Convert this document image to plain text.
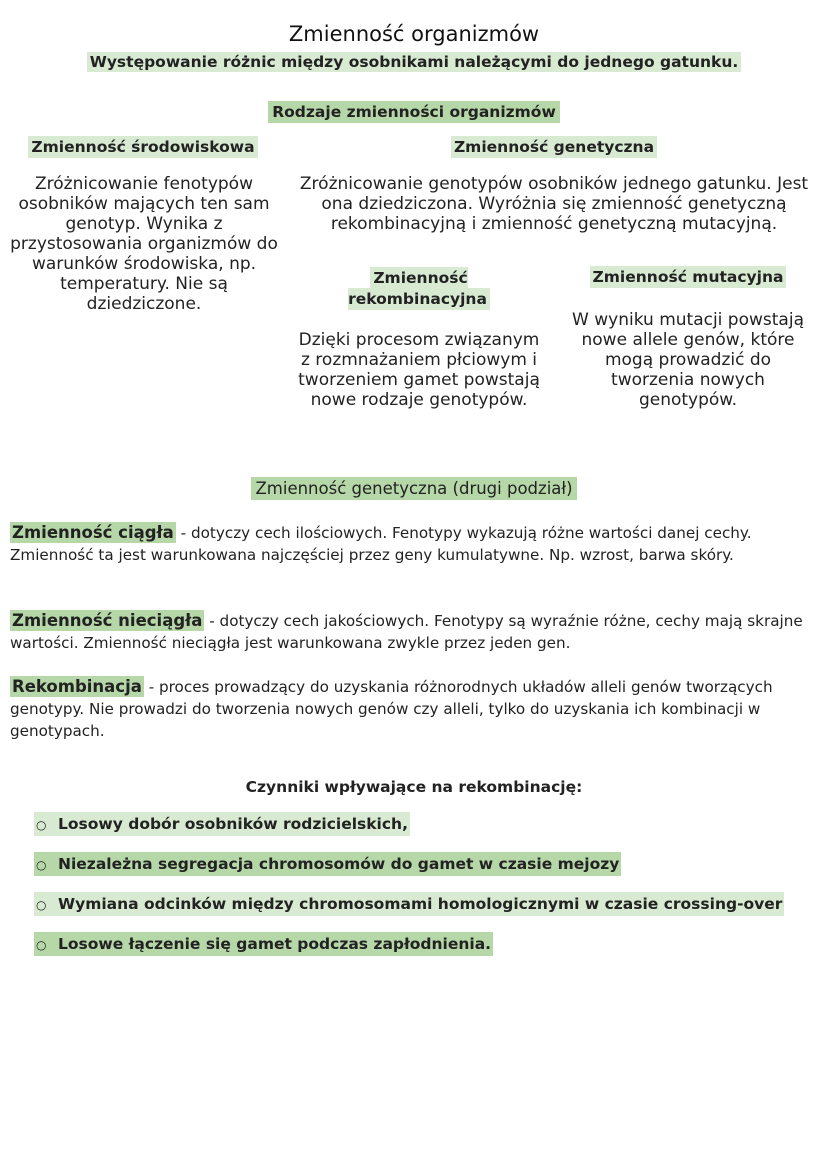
Zmienność organizmów
Występowanie różnic między osobnikami należącymi do jednego gatunku.
Rodzaje zmienności organizmów
Zmienność środowiskowa
Zróżnicowanie fenotypów osobników mających ten sam genotyp. Wynika z przystosowania organizmów do warunków środowiska, np. temperatury. Nie są dziedziczone.
Zmienność genetyczna
Zróżnicowanie genotypów osobników jednego gatunku. Jest ona dziedziczona. Wyróżnia się zmienność genetyczną rekombinacyjną i zmienność genetyczną mutacyjną.
Zmienność rekombinacyjna
Dzięki procesom związanym z rozmnażaniem płciowym i tworzeniem gamet powstają nowe rodzaje genotypów.
Zmienność mutacyjna
W wyniku mutacji powstają nowe allele genów, które mogą prowadzić do tworzenia nowych genotypów.
Zmienność genetyczna (drugi podział)
Zmienność ciągła - dotyczy cech ilościowych. Fenotypy wykazują różne wartości danej cechy. Zmienność ta jest warunkowana najczęściej przez geny kumulatywne. Np. wzrost, barwa skóry.
Zmienność nieciągła - dotyczy cech jakościowych. Fenotypy są wyraźnie różne, cechy mają skrajne wartości. Zmienność nieciągła jest warunkowana zwykle przez jeden gen.
Rekombinacja - proces prowadzący do uzyskania różnorodnych układów alleli genów tworzących genotypy. Nie prowadzi do tworzenia nowych genów czy alleli, tylko do uzyskania ich kombinacji w genotypach.
Czynniki wpływające na rekombinację:
○ Losowy dobór osobników rodzicielskich,
○ Niezależna segregacja chromosomów do gamet w czasie mejozy
○ Wymiana odcinków między chromosomami homologicznymi w czasie crossing-over
○ Losowe łączenie się gamet podczas zapłodnienia.
